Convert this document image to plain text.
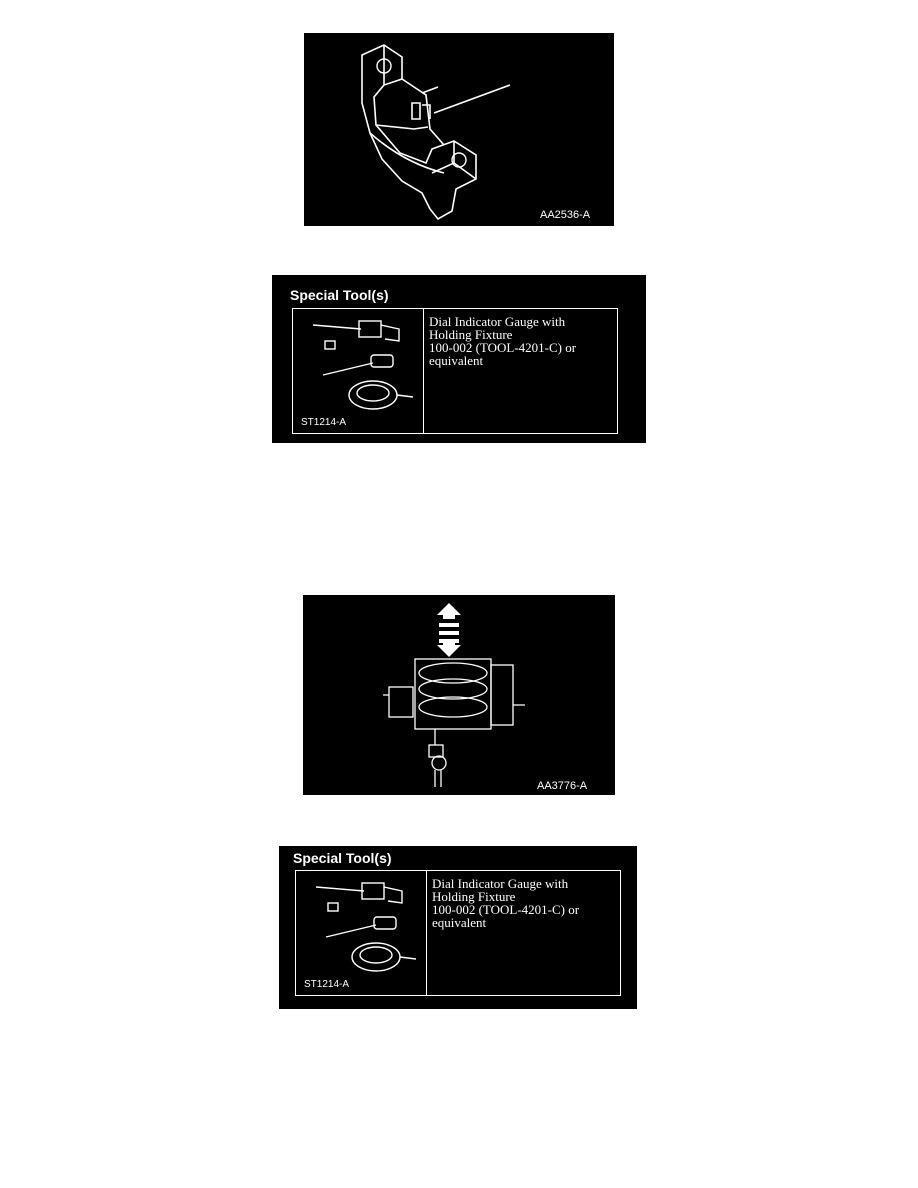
AA2536-A
Special Tool(s)
ST1214-A
Dial Indicator Gauge with
Holding Fixture
100-002 (TOOL-4201-C) or
equivalent
AA3776-A
Special Tool(s)
ST1214-A
Dial Indicator Gauge with
Holding Fixture
100-002 (TOOL-4201-C) or
equivalent
